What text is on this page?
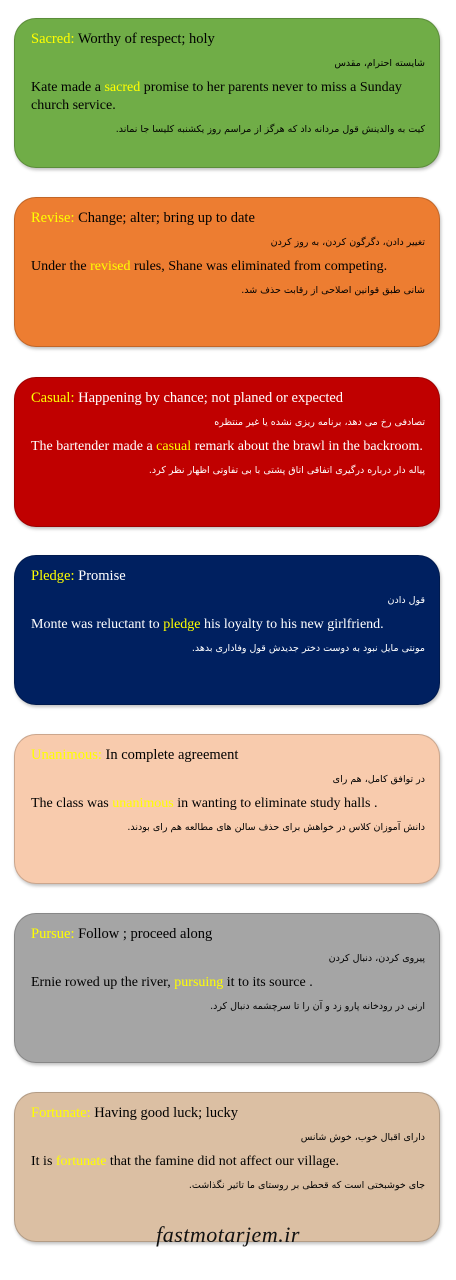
Sacred: Worthy of respect; holy
شایسته احترام، مقدس
Kate made a sacred promise to her parents never to miss a Sunday church service.
کیت به والدینش قول مردانه داد که هرگز از مراسم روز یکشنبه کلیسا جا نماند.
Revise: Change; alter; bring up to date
تغییر دادن، دگرگون کردن، به روز کردن
Under the revised rules, Shane was eliminated from competing.
شانی طبق قوانین اصلاحی از رقابت حذف شد.
Casual: Happening by chance; not planed or expected
تصادفی رخ می دهد، برنامه ریزی نشده یا غیر منتظره
The bartender made a casual remark about the brawl in the backroom.
پیاله دار درباره درگیری اتفاقی اتاق پشتی با بی تفاوتی اظهار نظر کرد.
Pledge: Promise
قول دادن
Monte was reluctant to pledge his loyalty to his new girlfriend.
مونتی مایل نبود به دوست دختر جدیدش قول وفاداری بدهد.
Unanimous: In complete agreement
در توافق کامل، هم رای
The class was unanimous in wanting to eliminate study halls .
دانش آموزان کلاس در خواهش برای حذف سالن های مطالعه هم رای بودند.
Pursue: Follow ; proceed along
پیروی کردن، دنبال کردن
Ernie rowed up the river, pursuing it to its source .
ارنی در رودخانه پارو زد و آن را تا سرچشمه دنبال کرد.
Fortunate: Having good luck; lucky
دارای اقبال خوب، خوش شانس
It is fortunate that the famine did not affect our village.
جای خوشبختی است که قحطی بر روستای ما تاثیر نگذاشت.
fastmotarjem.ir
